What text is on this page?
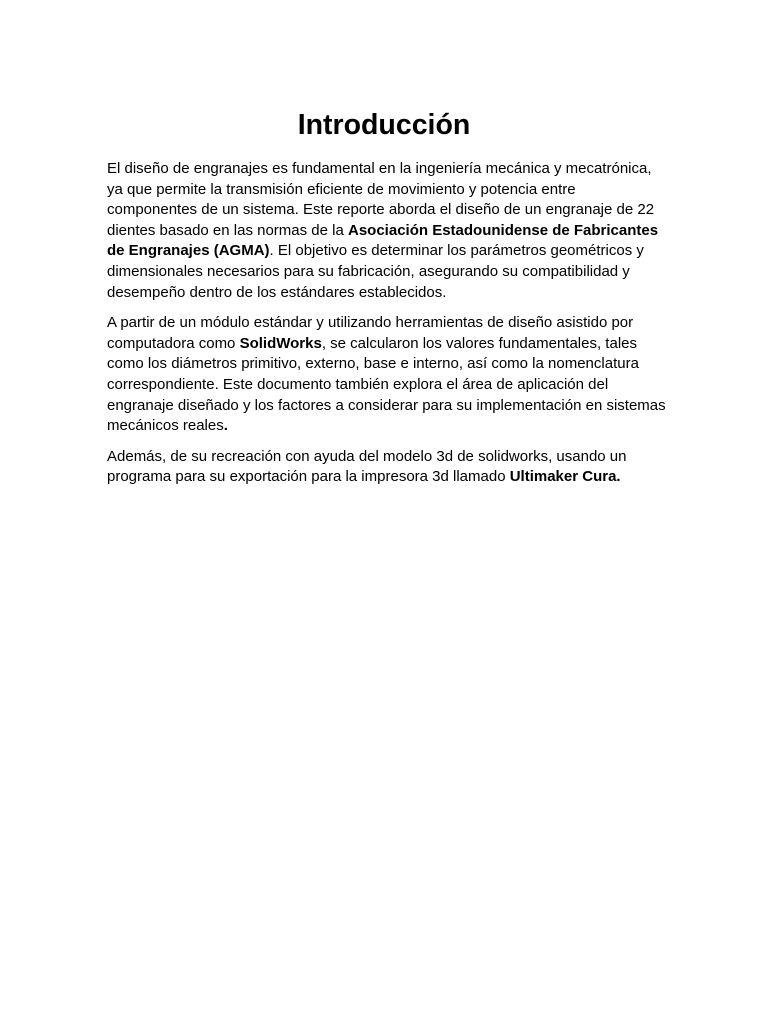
Introducción

El diseño de engranajes es fundamental en la ingeniería mecánica y mecatrónica, ya que permite la transmisión eficiente de movimiento y potencia entre componentes de un sistema. Este reporte aborda el diseño de un engranaje de 22 dientes basado en las normas de la Asociación Estadounidense de Fabricantes de Engranajes (AGMA). El objetivo es determinar los parámetros geométricos y dimensionales necesarios para su fabricación, asegurando su compatibilidad y desempeño dentro de los estándares establecidos.

A partir de un módulo estándar y utilizando herramientas de diseño asistido por computadora como SolidWorks, se calcularon los valores fundamentales, tales como los diámetros primitivo, externo, base e interno, así como la nomenclatura correspondiente. Este documento también explora el área de aplicación del engranaje diseñado y los factores a considerar para su implementación en sistemas mecánicos reales.

Además, de su recreación con ayuda del modelo 3d de solidworks, usando un programa para su exportación para la impresora 3d llamado Ultimaker Cura.
